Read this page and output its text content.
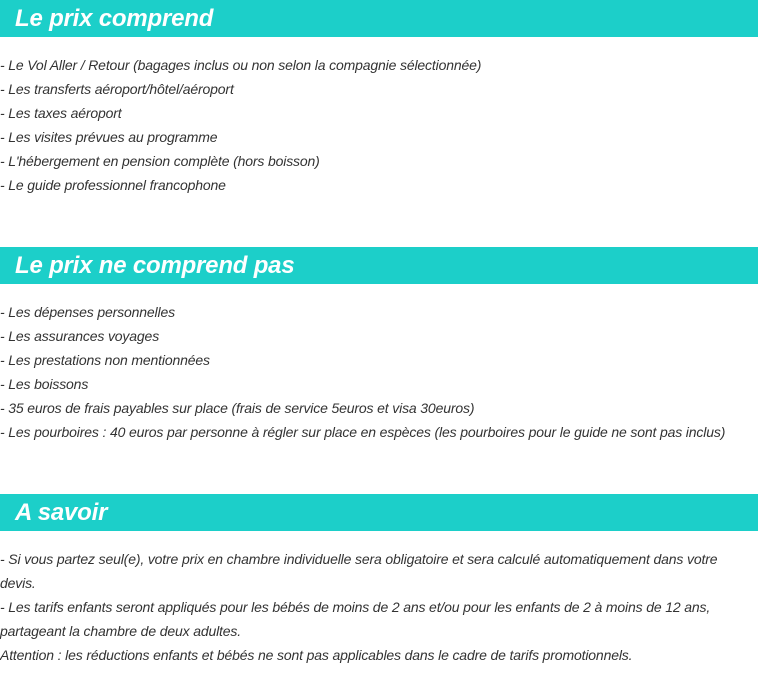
Le prix comprend
- Le Vol Aller / Retour (bagages inclus ou non selon la compagnie sélectionnée)
- Les transferts aéroport/hôtel/aéroport
- Les taxes aéroport
- Les visites prévues au programme
- L'hébergement en pension complète (hors boisson)
- Le guide professionnel francophone
Le prix ne comprend pas
- Les dépenses personnelles
- Les assurances voyages
- Les prestations non mentionnées
- Les boissons
- 35 euros de frais payables sur place (frais de service 5euros et visa 30euros)
- Les pourboires : 40 euros par personne à régler sur place en espèces (les pourboires pour le guide ne sont pas inclus)
A savoir

- Si vous partez seul(e), votre prix en chambre individuelle sera obligatoire et sera calculé automatiquement dans votre devis.

- Les tarifs enfants seront appliqués pour les bébés de moins de 2 ans et/ou pour les enfants de 2 à moins de 12 ans, partageant la chambre de deux adultes.

Attention : les réductions enfants et bébés ne sont pas applicables dans le cadre de tarifs promotionnels.
